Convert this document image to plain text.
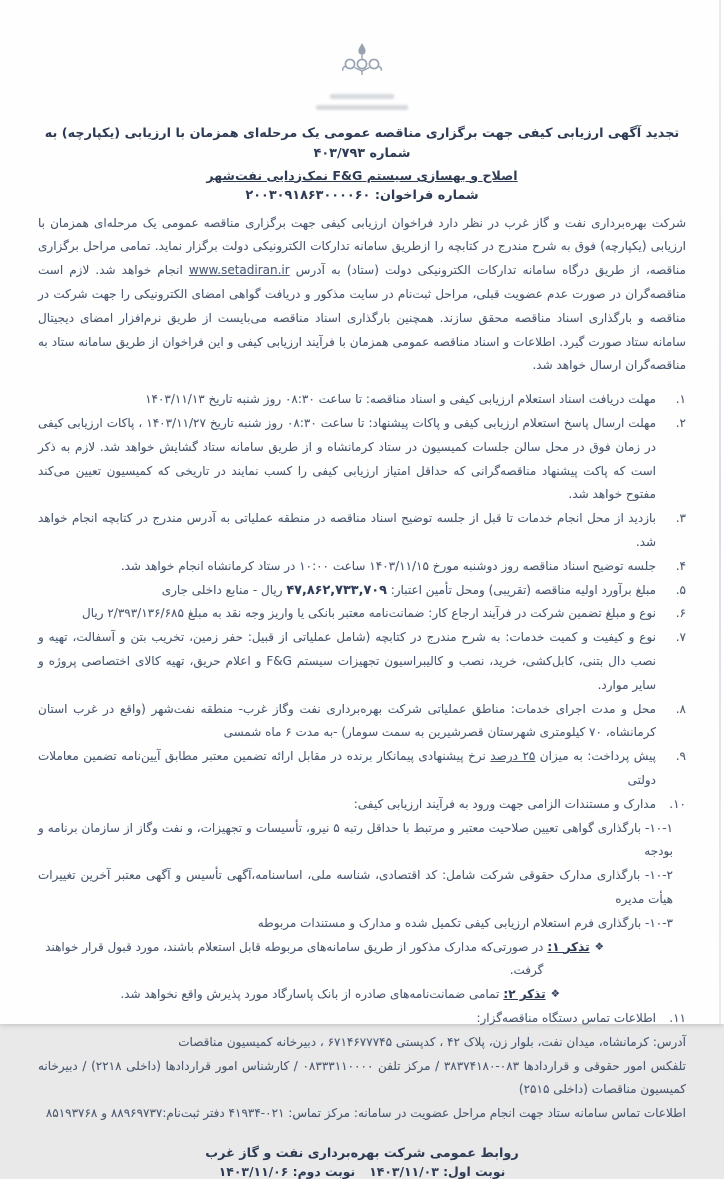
تجدید آگهی ارزیابی کیفی جهت برگزاری مناقصه عمومی یک مرحله‌ای همزمان با ارزیابی (یکپارچه) به شماره ۴۰۳/۷۹۳
اصلاح و بهسازی سیستم F&G نمک‌زدایی نفت‌شهر
شماره فراخوان: ۲۰۰۳۰۹۱۸۶۳۰۰۰۰۶۰
شرکت بهره‌برداری نفت و گاز غرب در نظر دارد فراخوان ارزیابی کیفی جهت برگزاری مناقصه عمومی یک مرحله‌ای همزمان با ارزیابی (یکپارچه) فوق به شرح مندرج در کتابچه را ازطریق سامانه تدارکات الکترونیکی دولت برگزار نماید. تمامی مراحل برگزاری مناقصه، از طریق درگاه سامانه تدارکات الکترونیکی دولت (ستاد) به آدرس www.setadiran.ir انجام خواهد شد. لازم است مناقصه‌گران در صورت عدم عضویت قبلی، مراحل ثبت‌نام در سایت مذکور و دریافت گواهی امضای الکترونیکی را جهت شرکت در مناقصه و بارگذاری اسناد مناقصه محقق سازند. همچنین بارگذاری اسناد مناقصه می‌بایست از طریق نرم‌افزار امضای دیجیتال سامانه ستاد صورت گیرد. اطلاعات و اسناد مناقصه عمومی همزمان با فرآیند ارزیابی کیفی و این فراخوان از طریق سامانه ستاد به مناقصه‌گران ارسال خواهد شد.
۱.
مهلت دریافت اسناد استعلام ارزیابی کیفی و اسناد مناقصه: تا ساعت ۰۸:۳۰ روز شنبه تاریخ ۱۴۰۳/۱۱/۱۳
۲.
مهلت ارسال پاسخ استعلام ارزیابی کیفی و پاکات پیشنهاد: تا ساعت ۰۸:۳۰ روز شنبه تاریخ ۱۴۰۳/۱۱/۲۷ ، پاکات ارزیابی کیفی در زمان فوق در محل سالن جلسات کمیسیون در ستاد کرمانشاه و از طریق سامانه ستاد گشایش خواهد شد. لازم به ذکر است که پاکت پیشنهاد مناقصه‌گرانی که حداقل امتیاز ارزیابی کیفی را کسب نمایند در تاریخی که کمیسیون تعیین می‌کند مفتوح خواهد شد.
۳.
بازدید از محل انجام خدمات تا قبل از جلسه توضیح اسناد مناقصه در منطقه عملیاتی به آدرس مندرج در کتابچه انجام خواهد شد.
۴.
جلسه توضیح اسناد مناقصه روز دوشنبه مورخ ۱۴۰۳/۱۱/۱۵ ساعت ۱۰:۰۰ در ستاد کرمانشاه انجام خواهد شد.
۵.
مبلغ برآورد اولیه مناقصه (تقریبی) ومحل تأمین اعتبار: ۴۷,۸۶۲,۷۳۳,۷۰۹ ریال - منابع داخلی جاری
۶.
نوع و مبلغ تضمین شرکت در فرآیند ارجاع کار: ضمانت‌نامه معتبر بانکی یا واریز وجه نقد به مبلغ ۲/۳۹۳/۱۳۶/۶۸۵ ریال
۷.
نوع و کیفیت و کمیت خدمات: به شرح مندرج در کتابچه (شامل عملیاتی از قبیل: حفر زمین، تخریب بتن و آسفالت، تهیه و نصب دال بتنی، کابل‌کشی، خرید، نصب و کالیبراسیون تجهیزات سیستم F&G و اعلام حریق، تهیه کالای اختصاصی پروژه و سایر موارد.
۸.
محل و مدت اجرای خدمات: مناطق عملیاتی شرکت بهره‌برداری نفت وگاز غرب- منطقه نفت‌شهر (واقع در غرب استان کرمانشاه، ۷۰ کیلومتری شهرستان قصرشیرین به سمت سومار) -به مدت ۶ ماه شمسی
۹.
پیش پرداخت: به میزان ۲۵ درصد نرخ پیشنهادی پیمانکار برنده در مقابل ارائه تضمین معتبر مطابق آیین‌نامه تضمین معاملات دولتی
۱۰.
مدارک و مستندات الزامی جهت ورود به فرآیند ارزیابی کیفی:
۱۰-۱- بارگذاری گواهی تعیین صلاحیت معتبر و مرتبط با حداقل رتبه ۵ نیرو، تأسیسات و تجهیزات، و نفت وگاز از سازمان برنامه و بودجه
۱۰-۲- بارگذاری مدارک حقوقی شرکت شامل: کد اقتصادی، شناسه ملی، اساسنامه،آگهی تأسیس و آگهی معتبر آخرین تغییرات هیأت مدیره
۱۰-۳- بارگذاری فرم استعلام ارزیابی کیفی تکمیل شده و مدارک و مستندات مربوطه
❖
تذکر ۱:
در صورتی‌که مدارک مذکور از طریق سامانه‌های مربوطه قابل استعلام باشند، مورد قبول قرار خواهند گرفت.
❖
تذکر ۲:
تمامی ضمانت‌نامه‌های صادره از بانک پاسارگاد مورد پذیرش واقع نخواهد شد.
۱۱.
اطلاعات تماس دستگاه مناقصه‌گزار:
آدرس: کرمانشاه، میدان نفت، بلوار زن، پلاک ۴۲ ، کدپستی ۶۷۱۴۶۷۷۷۴۵ ، دبیرخانه کمیسیون مناقصات
تلفکس امور حقوقی و قراردادها ۰۸۳-۳۸۳۷۴۱۸۰ / مرکز تلفن ۰۸۳۳۳۱۱۰۰۰۰ / کارشناس امور قراردادها (داخلی ۲۲۱۸) / دبیرخانه کمیسیون مناقصات (داخلی ۲۵۱۵)
اطلاعات تماس سامانه ستاد جهت انجام مراحل عضویت در سامانه: مرکز تماس: ۰۲۱-۴۱۹۳۴ دفتر ثبت‌نام:۸۸۹۶۹۷۳۷ و ۸۵۱۹۳۷۶۸
روابط عمومی شرکت بهره‌برداری نفت و گاز غرب
نوبت اول: ۱۴۰۳/۱۱/۰۳نوبت دوم: ۱۴۰۳/۱۱/۰۶
